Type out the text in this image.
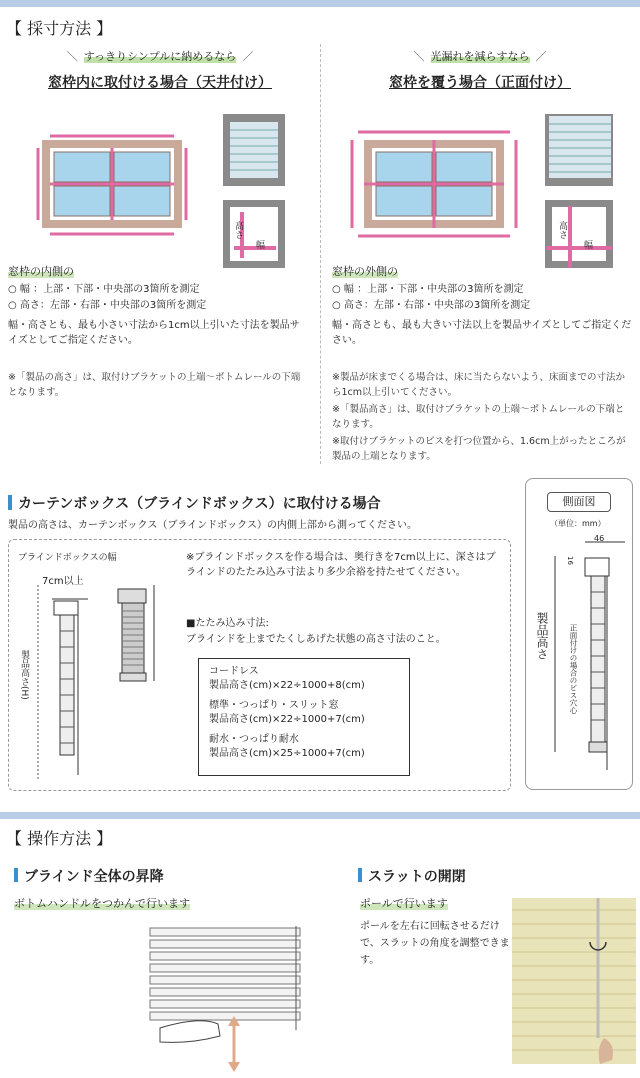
【 採寸方法 】
＼ すっきりシンプルに納めるなら ／
窓枠内に取付ける場合（天井付け）
高さ
幅
窓枠の内側の
○ 幅 ：上部・下部・中央部の3箇所を測定
○ 高さ：左部・右部・中央部の3箇所を測定
幅・高さとも、最も小さい寸法から1cm以上引いた寸法を製品サイズとしてご指定ください。
※「製品の高さ」は、取付けブラケットの上端～ボトムレールの下端となります。
＼ 光漏れを減らすなら ／
窓枠を覆う場合（正面付け）
高さ
幅
窓枠の外側の
○ 幅 ：上部・下部・中央部の3箇所を測定
○ 高さ：左部・右部・中央部の3箇所を測定
幅・高さとも、最も大きい寸法以上を製品サイズとしてご指定ください。
※製品が床までくる場合は、床に当たらないよう、床面までの寸法から1cm以上引いてください。
※「製品高さ」は、取付けブラケットの上端～ボトムレールの下端となります。
※取付けブラケットのビスを打つ位置から、1.6cm上がったところが製品の上端となります。
カーテンボックス（ブラインドボックス）に取付ける場合
製品の高さは、カーテンボックス（ブラインドボックス）の内側上部から測ってください。
ブラインドボックスの幅
7cm以上
製品高さ(H)
※ブラインドボックスを作る場合は、奥行きを7cm以上に、深さはブラインドのたたみ込み寸法より多少余裕を持たせてください。
■たたみ込み寸法:
ブラインドを上までたくしあげた状態の高さ寸法のこと。
コードレス
製品高さ(cm)×22÷1000+8(cm)
標準・つっぱり・スリット窓
製品高さ(cm)×22÷1000+7(cm)
耐水・つっぱり耐水
製品高さ(cm)×25÷1000+7(cm)
側面図
（単位：mm）
46
16
製品高さ	正面付けの場合のビス穴心
【 操作方法 】
ブラインド全体の昇降
ボトムハンドルをつかんで行います
スラットの開閉
ポールで行います
ポールを左右に回転させるだけで、スラットの角度を調整できます。
